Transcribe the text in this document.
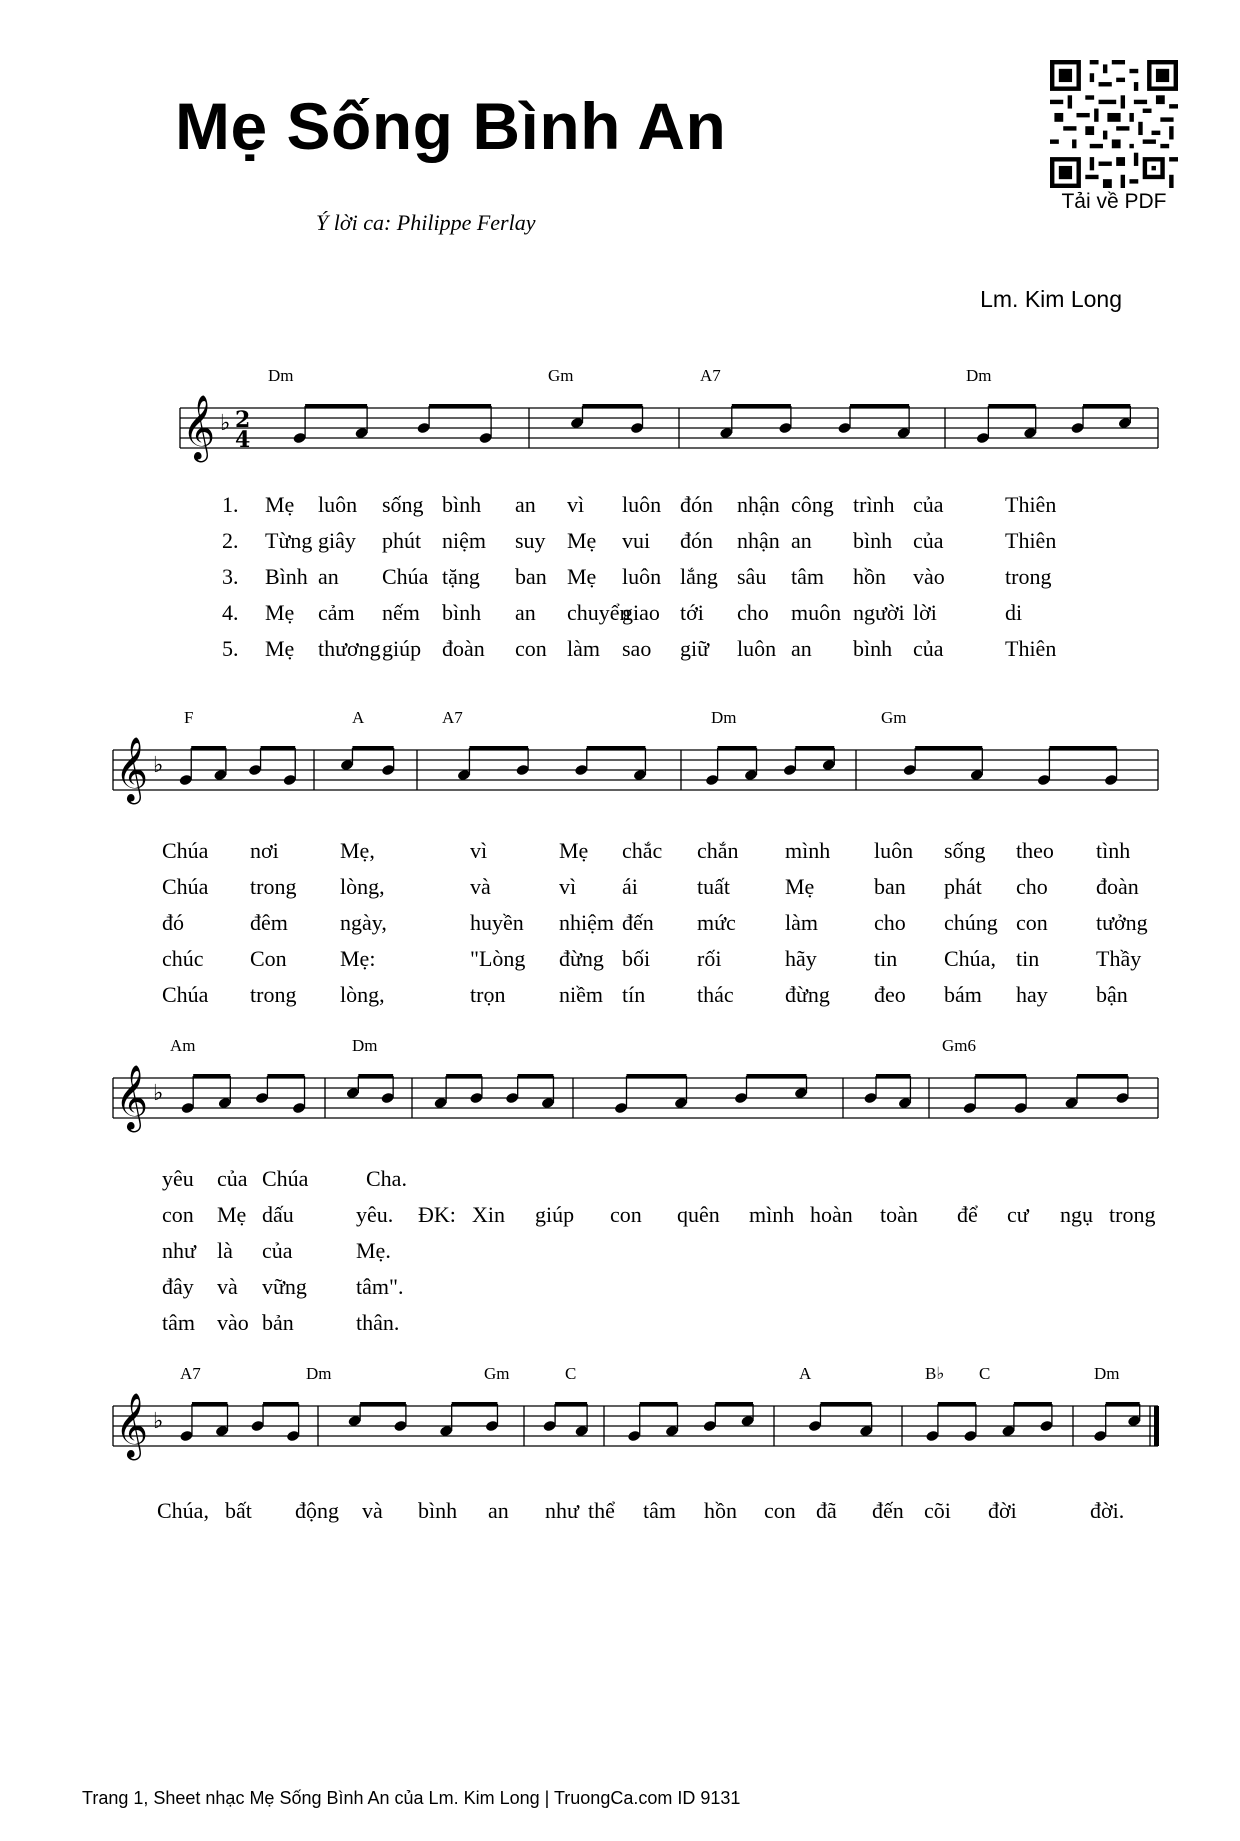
Mẹ Sống Bình An
Ý lời ca: Philippe Ferlay
Lm. Kim Long
Tải về PDF
𝄞 ♭ 2
4
𝄞 ♭
𝄞 ♭
𝄞 ♭
Trang 1, Sheet nhạc Mẹ Sống Bình An của Lm. Kim Long | TruongCa.com ID 9131
Dm	Gm	A7	Dm
1. Mẹ luôn sống bình an vì luôn đón nhận công trình của	Thiên
2. Từng giây phút niệm suy Mẹ vui đón nhận an bình của	Thiên
3. Bình an Chúa tặng ban Mẹ luôn lắng sâu tâm hồn vào	trong
4. Mẹ cảm nếm bình an chuyển
giao tới cho muôn người lời	di
5. Mẹ thương giúp đoàn con làm sao giữ luôn an bình của	Thiên
F	A	A7	Dm	Gm
Chúa nơi	Mẹ,	vì	Mẹ chắc chắn mình luôn sống theo tình
Chúa trong lòng,	và	vì ái	tuất	Mẹ	ban phát cho đoàn
đó	đêm ngày,	huyền nhiệm đến mức làm	cho chúng con tưởng
chúc Con Mẹ:	"Lòng đừng bối rối	hãy	tin Chúa, tin	Thầy
Chúa trong lòng,	trọn niềm tín thác đừng đeo bám hay bận
Am	Dm	Gm6
yêu của Chúa	Cha.
con Mẹ dấu	yêu. ĐK: Xin giúp con quên mình hoàn toàn để cư ngụ trong
như là của	Mẹ.
đây và vững tâm".
tâm vào bản	thân.
A7	Dm	Gm	C	A	B♭ C	Dm
Chúa, bất động và bình an như thể tâm hồn con đã đến cõi đời	đời.
